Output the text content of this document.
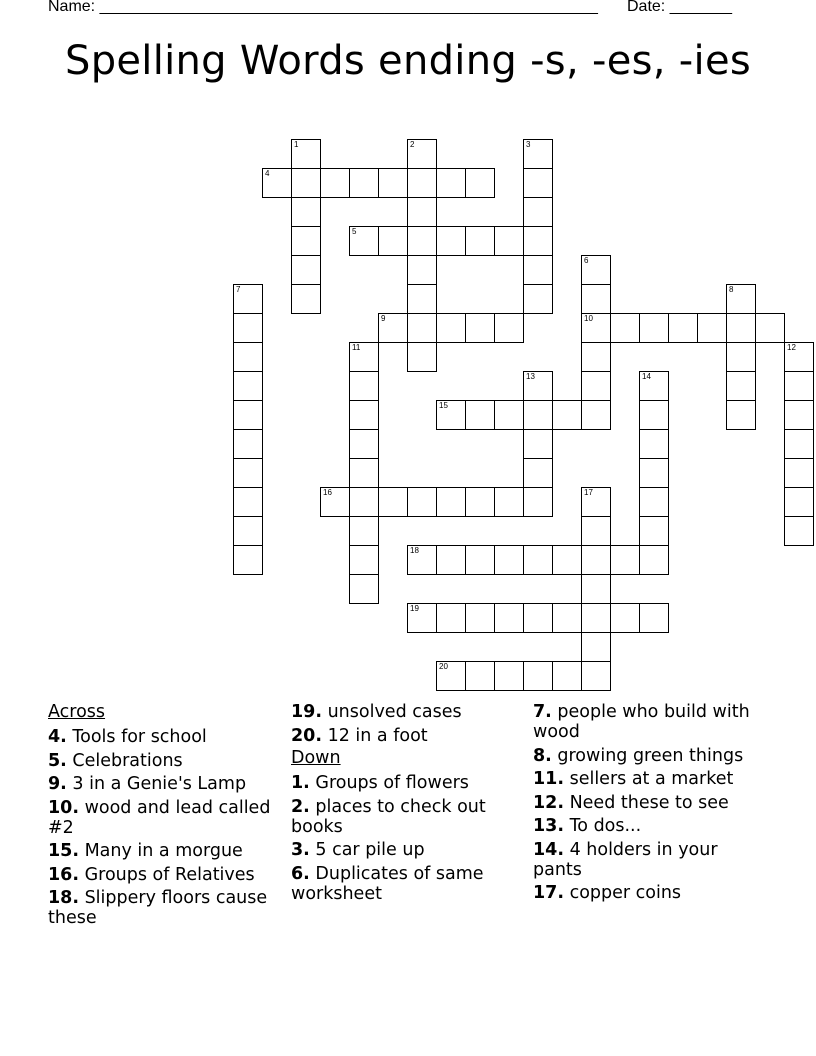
Name: ________________________________________________________ Date: _______
Spelling Words ending -s, -es, -ies
1	2	3
4
5
6
7	8
9	10
11	12
13	14
15
16	17
18
19
20
Across
4. Tools for school
5. Celebrations
9. 3 in a Genie's Lamp
10. wood and lead called #2
15. Many in a morgue
16. Groups of Relatives
18. Slippery floors cause these
19. unsolved cases
20. 12 in a foot
Down
1. Groups of flowers
2. places to check out books
3. 5 car pile up
6. Duplicates of same worksheet
7. people who build with wood
8. growing green things
11. sellers at a market
12. Need these to see
13. To dos...
14. 4 holders in your pants
17. copper coins
